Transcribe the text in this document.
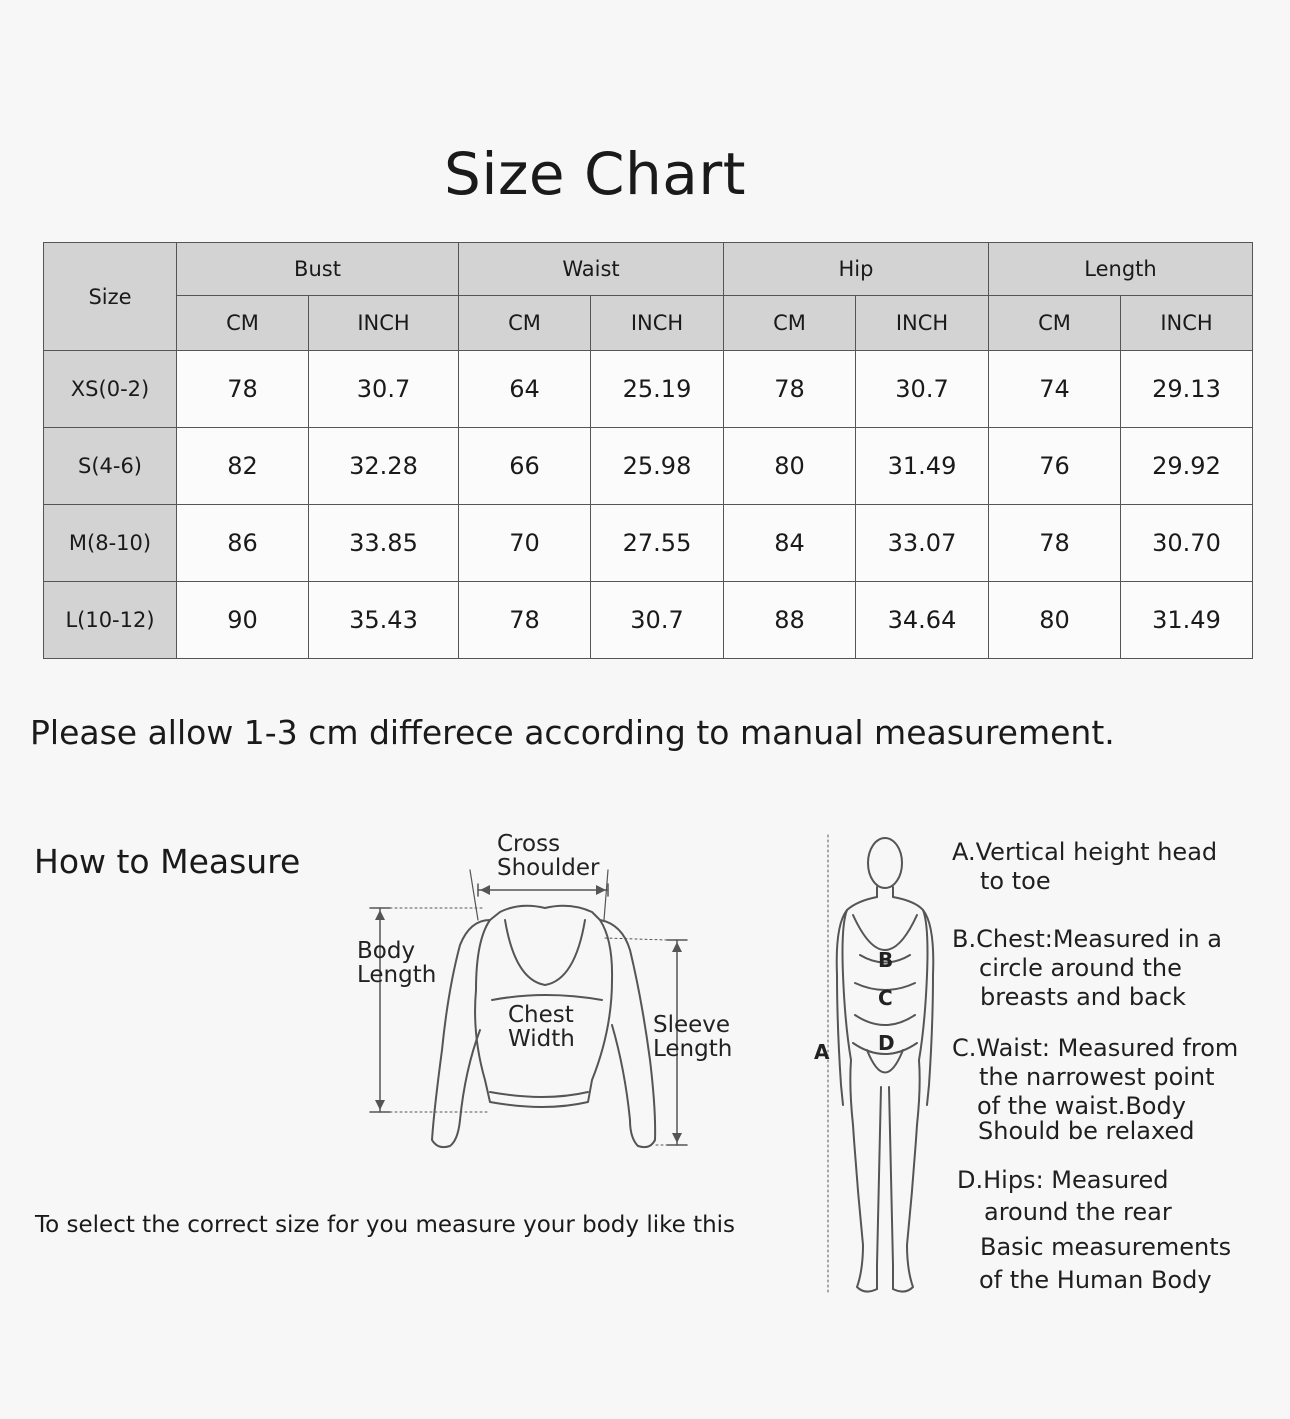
Size Chart
Size	Bust		Waist		Hip		Length	
	CM	INCH	CM	INCH	CM	INCH	CM	INCH
XS(0-2)	78	30.7	64	25.19	78	30.7	74	29.13
S(4-6)	82	32.28	66	25.98	80	31.49	76	29.92
M(8-10)	86	33.85	70	27.55	84	33.07	78	30.70
L(10-12)	90	35.43	78	30.7	88	34.64	80	31.49
Please allow 1-3 cm differece according to manual measurement.
How to Measure	Cross
Shoulder
Body
Length
Chest
Width
Sleeve
Length
To select the correct size for you measure your body like this
A
B
C
D
A.Vertical height head
to toe
B.Chest:Measured in a
circle around the
breasts and back
C.Waist: Measured from
the narrowest point
of the waist.Body
Should be relaxed
D.Hips: Measured
around the rear
Basic measurements
of the Human Body
